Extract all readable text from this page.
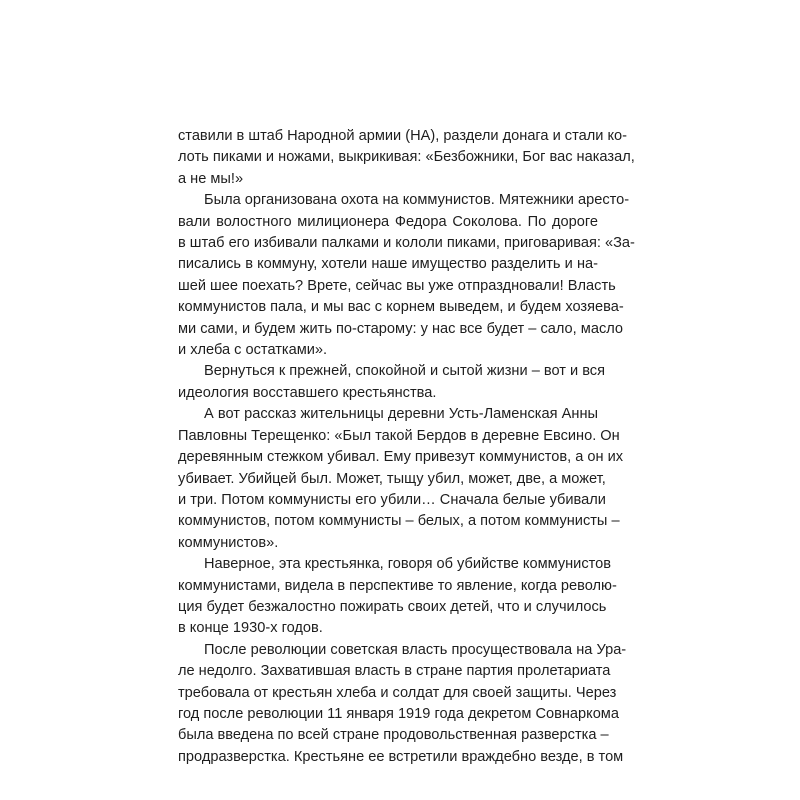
ставили в штаб Народной армии (НА), раздели донага и стали ко-
лоть пиками и ножами, выкрикивая: «Безбожники, Бог вас наказал,
а не мы!»
Была организована охота на коммунистов. Мятежники aресто-
вали волостного милиционера Федора Соколова. По дороге
в штаб его избивали палками и кололи пиками, приговаривая: «За-
писались в коммуну, хотели наше имущество разделить и на-
шей шее поехать? Врете, сейчас вы уже отпраздновали! Власть
коммунистов пала, и мы вас с корнем выведем, и будем хозяева-
ми сами, и будем жить по-старому: у нас все будет – сало, масло
и хлеба с остатками».
Вернуться к прежней, спокойной и сытой жизни – вот и вся
идеология восставшего крестьянства.
А вот рассказ жительницы деревни Усть-Ламенская Анны
Павловны Терещенко: «Был такой Бердов в деревне Евсино. Он
деревянным стежком убивал. Ему привезут коммунистов, а он их
убивает. Убийцей был. Может, тыщу убил, может, две, а может,
и три. Потом коммунисты его убили… Сначала белые убивали
коммунистов, потом коммунисты – белых, а потом коммунисты –
коммунистов».
Наверное, эта крестьянка, говоря об убийстве коммунистов
коммунистами, видела в перспективе то явление, когда револю-
ция будет безжалостно пожирать своих детей, что и случилось
в конце 1930-х годов.
После революции советская власть просуществовала на Ура-
ле недолго. Захватившая власть в стране партия пролетариата
требовала от крестьян хлеба и солдат для своей защиты. Через
год после революции 11 января 1919 года декретом Совнаркома
была введена по всей стране продовольственная разверстка –
продразверстка. Крестьяне ее встретили враждебно везде, в том
